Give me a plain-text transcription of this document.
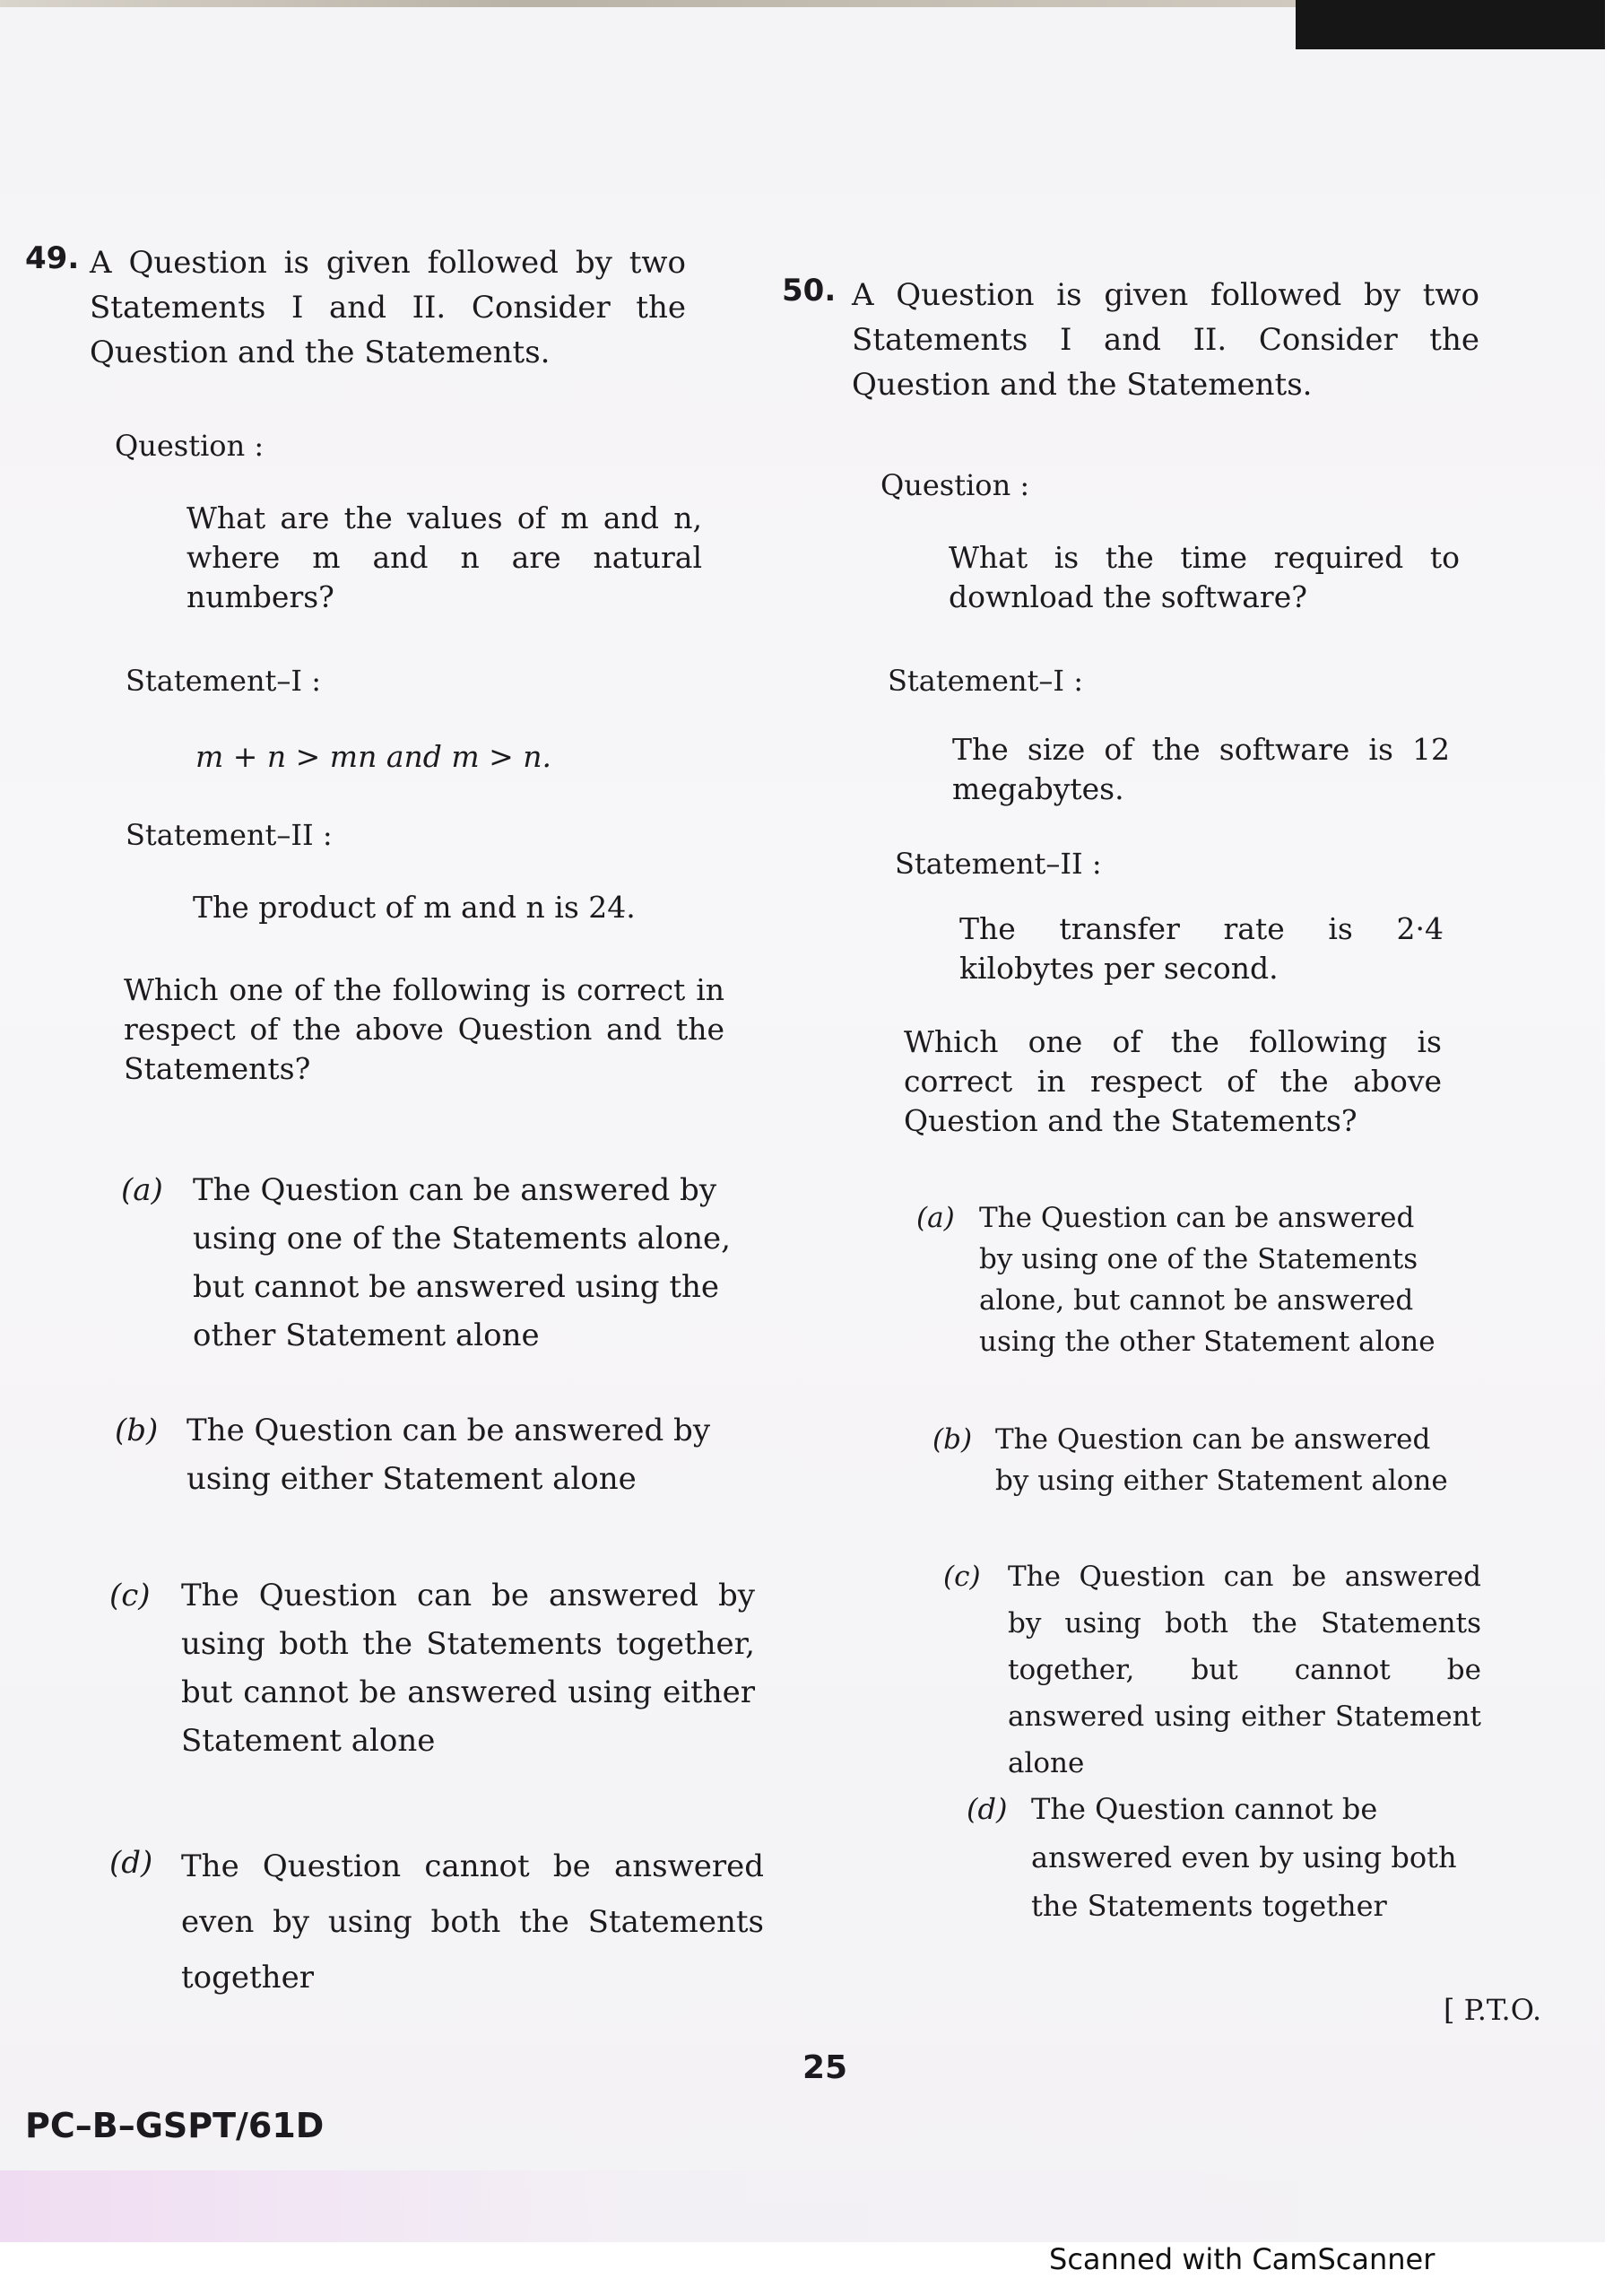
49. A Question is given followed by two Statements I and II. Consider the Question and the Statements.
Question :
What are the values of m and n, where m and n are natural numbers?
Statement–I :
m + n > mn and m > n.
Statement–II :
The product of m and n is 24.
Which one of the following is correct in respect of the above Question and the Statements?
(a) The Question can be answered by using one of the Statements alone, but cannot be answered using the other Statement alone
(b) The Question can be answered by using either Statement alone
(c) The Question can be answered by using both the Statements together, but cannot be answered using either Statement alone
(d) The Question cannot be answered even by using both the Statements together
50. A Question is given followed by two Statements I and II. Consider the Question and the Statements.
Question :
What is the time required to download the software?
Statement–I :
The size of the software is 12 megabytes.
Statement–II :
The transfer rate is 2·4 kilobytes per second.
Which one of the following is correct in respect of the above Question and the Statements?
(a) The Question can be answered by using one of the Statements alone, but cannot be answered using the other Statement alone
(b) The Question can be answered by using either Statement alone
(c) The Question can be answered by using both the Statements together, but cannot be answered using either Statement alone
(d) The Question cannot be answered even by using both the Statements together
[ P.T.O.
25
PC–B–GSPT/61D
Scanned with CamScanner
